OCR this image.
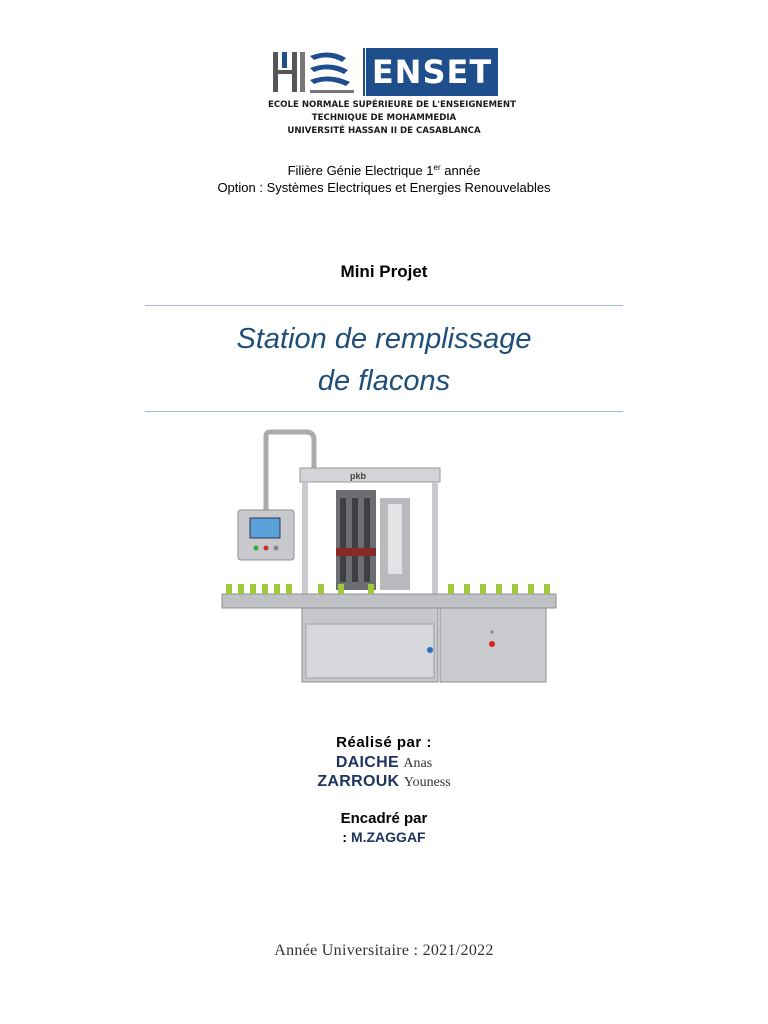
ENSET
ECOLE NORMALE SUPÉRIEURE DE L'ENSEIGNEMENT
TECHNIQUE DE MOHAMMEDIA
UNIVERSITÉ HASSAN II DE CASABLANCA
Filière Génie Electrique 1er année
Option : Systèmes Electriques et Energies Renouvelables
Mini Projet
Station de remplissage
de flacons
pkb
Réalisé par :
DAICHE Anas
ZARROUK Youness
Encadré par
: M.ZAGGAF
Année Universitaire : 2021/2022
